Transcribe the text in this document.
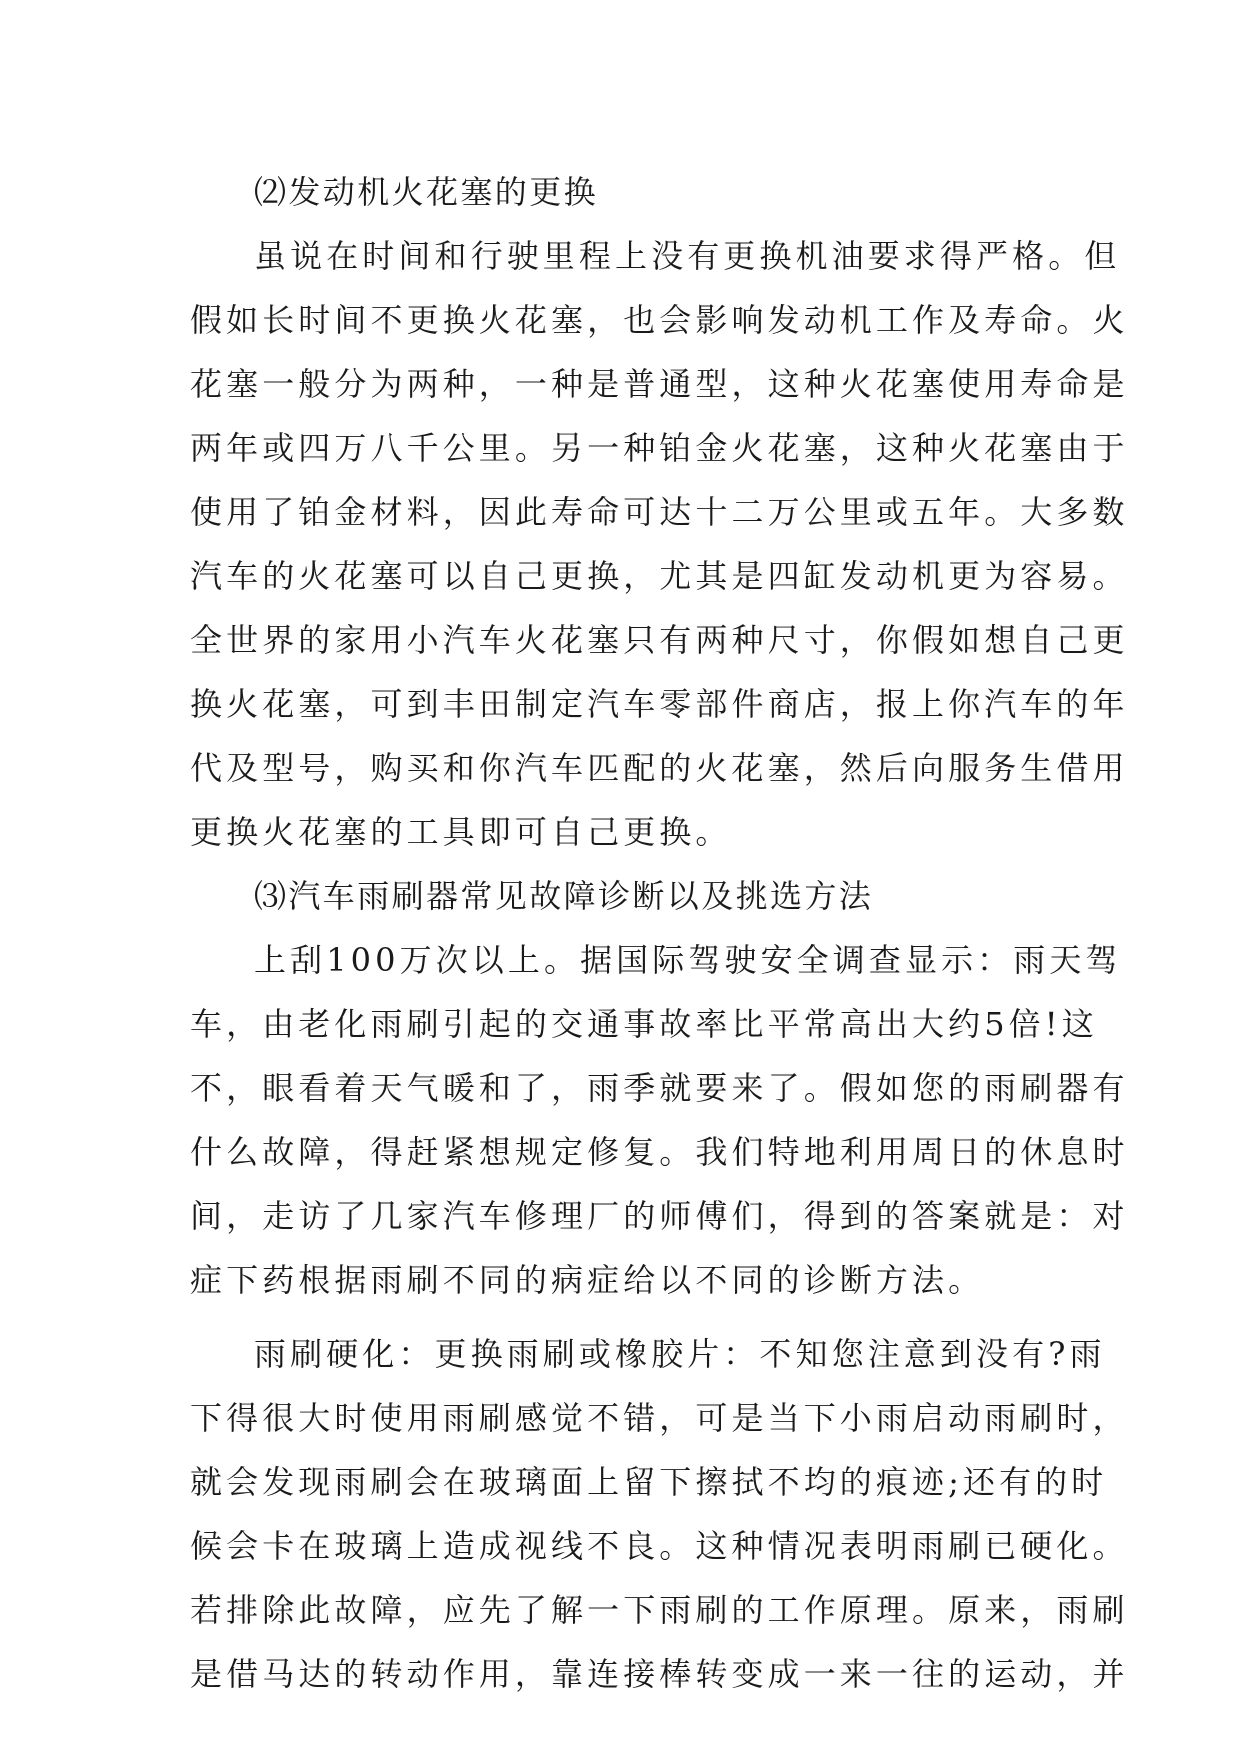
⑵发动机火花塞的更换
虽说在时间和行驶里程上没有更换机油要求得严格。但
假如长时间不更换火花塞，也会影响发动机工作及寿命。火
花塞一般分为两种，一种是普通型，这种火花塞使用寿命是
两年或四万八千公里。另一种铂金火花塞，这种火花塞由于
使用了铂金材料，因此寿命可达十二万公里或五年。大多数
汽车的火花塞可以自己更换，尤其是四缸发动机更为容易。
全世界的家用小汽车火花塞只有两种尺寸，你假如想自己更
换火花塞，可到丰田制定汽车零部件商店，报上你汽车的年
代及型号，购买和你汽车匹配的火花塞，然后向服务生借用
更换火花塞的工具即可自己更换。
⑶汽车雨刷器常见故障诊断以及挑选方法
上刮100万次以上。据国际驾驶安全调查显示：雨天驾
车，由老化雨刷引起的交通事故率比平常高出大约5倍!这
不，眼看着天气暖和了，雨季就要来了。假如您的雨刷器有
什么故障，得赶紧想规定修复。我们特地利用周日的休息时
间，走访了几家汽车修理厂的师傅们，得到的答案就是：对
症下药根据雨刷不同的病症给以不同的诊断方法。
雨刷硬化：更换雨刷或橡胶片：不知您注意到没有?雨
下得很大时使用雨刷感觉不错，可是当下小雨启动雨刷时，
就会发现雨刷会在玻璃面上留下擦拭不均的痕迹;还有的时
候会卡在玻璃上造成视线不良。这种情况表明雨刷已硬化。
若排除此故障，应先了解一下雨刷的工作原理。原来，雨刷
是借马达的转动作用，靠连接棒转变成一来一往的运动，并
